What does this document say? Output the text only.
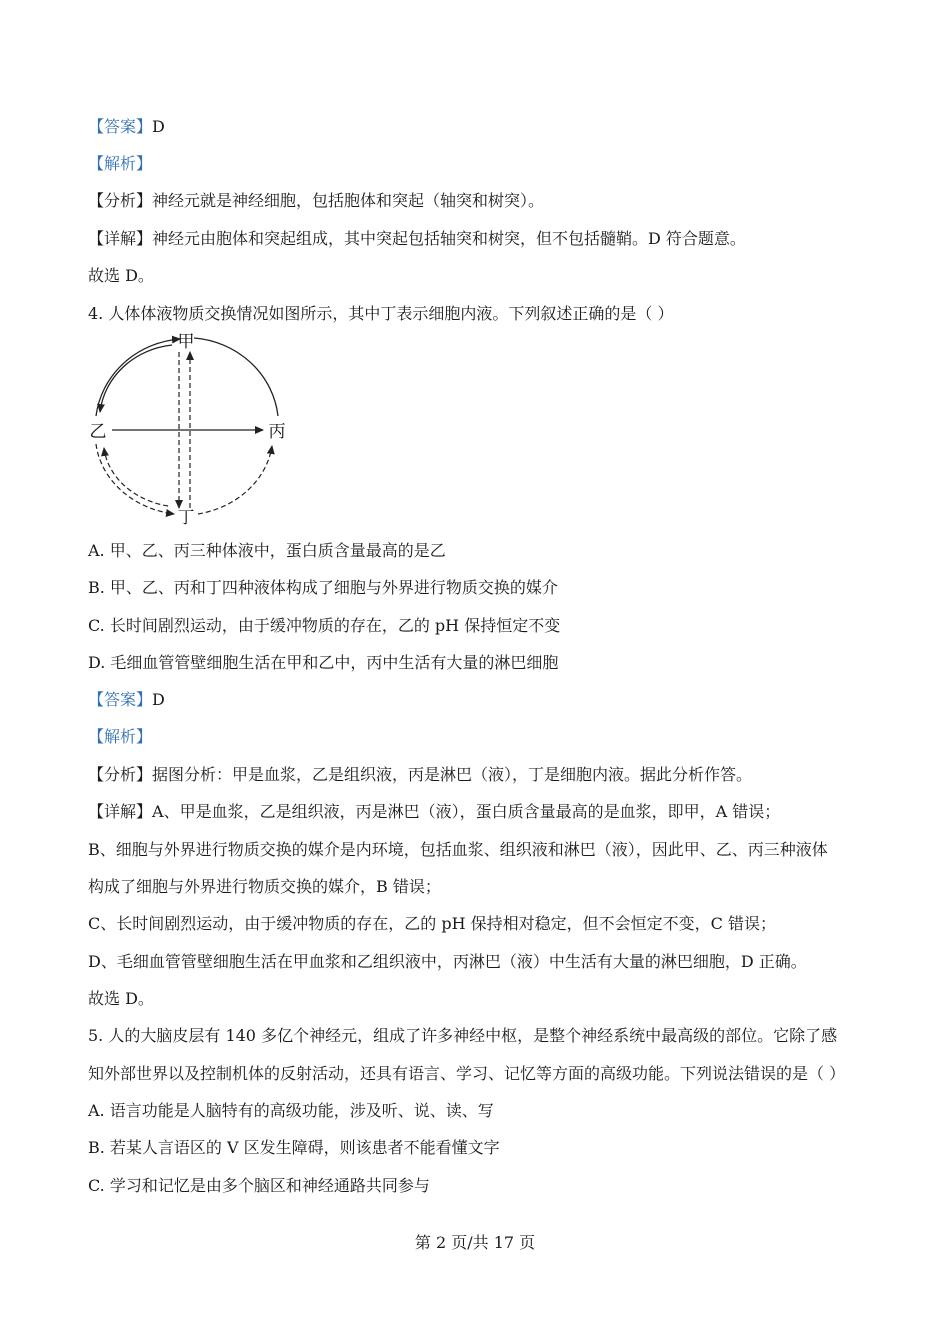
【答案】D
【解析】
【分析】神经元就是神经细胞，包括胞体和突起（轴突和树突）。
【详解】神经元由胞体和突起组成，其中突起包括轴突和树突，但不包括髓鞘。D 符合题意。
故选 D。
4. 人体体液物质交换情况如图所示，其中丁表示细胞内液。下列叙述正确的是（ ）
甲
乙	丙
丁
A. 甲、乙、丙三种体液中，蛋白质含量最高的是乙
B. 甲、乙、丙和丁四种液体构成了细胞与外界进行物质交换的媒介
C. 长时间剧烈运动，由于缓冲物质的存在，乙的 pH 保持恒定不变
D. 毛细血管管壁细胞生活在甲和乙中，丙中生活有大量的淋巴细胞
【答案】D
【解析】
【分析】据图分析：甲是血浆，乙是组织液，丙是淋巴（液），丁是细胞内液。据此分析作答。
【详解】A、甲是血浆，乙是组织液，丙是淋巴（液），蛋白质含量最高的是血浆，即甲，A 错误；
B、细胞与外界进行物质交换的媒介是内环境，包括血浆、组织液和淋巴（液），因此甲、乙、丙三种液体
构成了细胞与外界进行物质交换的媒介，B 错误；
C、长时间剧烈运动，由于缓冲物质的存在，乙的 pH 保持相对稳定，但不会恒定不变，C 错误；
D、毛细血管管壁细胞生活在甲血浆和乙组织液中，丙淋巴（液）中生活有大量的淋巴细胞，D 正确。
故选 D。
5. 人的大脑皮层有 140 多亿个神经元，组成了许多神经中枢，是整个神经系统中最高级的部位。它除了感
知外部世界以及控制机体的反射活动，还具有语言、学习、记忆等方面的高级功能。下列说法错误的是（ ）
A. 语言功能是人脑特有的高级功能，涉及听、说、读、写
B. 若某人言语区的 V 区发生障碍，则该患者不能看懂文字
C. 学习和记忆是由多个脑区和神经通路共同参与
第 2 页/共 17 页
